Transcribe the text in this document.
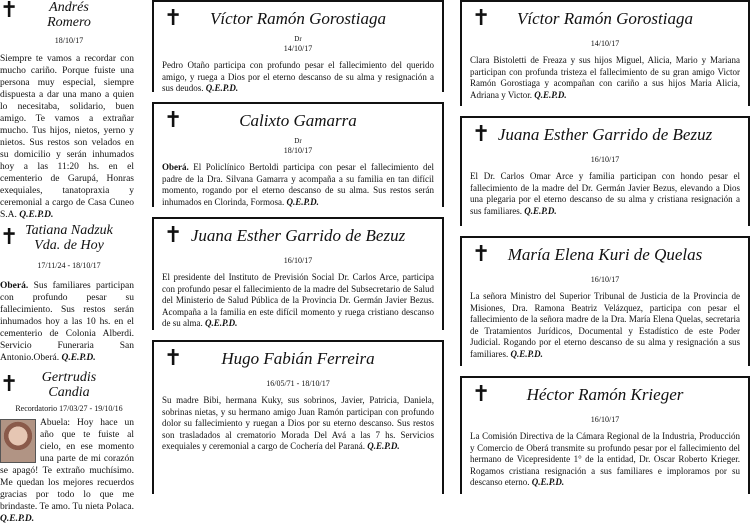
✝	Andrés
Romero
18/10/17
Siempre te vamos a recordar con mucho cariño. Porque fuiste una persona muy especial, siempre dispuesta a dar una mano a quien lo necesitaba, solidario, buen amigo. Te vamos a extrañar mucho. Tus hijos, nietos, yerno y nietos. Sus restos son velados en su domicilio y serán inhumados hoy a las 11:20 hs. en el cementerio de Garupá, Honras exequiales, tanatopraxia y ceremonial a cargo de Casa Cuneo S.A. Q.E.P.D.
✝ Tatiana Nadzuk
Vda. de Hoy
17/11/24 - 18/10/17
Oberá. Sus familiares participan con profundo pesar su fallecimiento. Sus restos serán inhumados hoy a las 10 hs. en el cementerio de Colonia Alberdi. Servicio Funeraria San Antonio.Oberá. Q.E.P.D.
✝	Gertrudis
Candia
Recordatorio 17/03/27 - 19/10/16
Abuela: Hoy hace un año que te fuiste al cielo, en ese momento una parte de mi corazón se apagó! Te extraño muchísimo. Me quedan los mejores recuerdos gracias por todo lo que me brindaste. Te amo. Tu nieta Polaca. Q.E.P.D.
✝	Víctor Ramón Gorostiaga
Dr
14/10/17
Pedro Otaño participa con profundo pesar el fallecimiento del querido amigo, y ruega a Dios por el eterno descanso de su alma y resignación a sus deudos. Q.E.P.D.
✝	Calixto Gamarra
Dr
18/10/17
Oberá. El Policlínico Bertoldi participa con pesar el fallecimiento del padre de la Dra. Silvana Gamarra y acompaña a su familia en tan difícil momento, rogando por el eterno descanso de su alma. Sus restos serán inhumados en Clorinda, Formosa. Q.E.P.D.
✝ Juana Esther Garrido de Bezuz
16/10/17
El presidente del Instituto de Previsión Social Dr. Carlos Arce, participa con profundo pesar el fallecimiento de la madre del Subsecretario de Salud del Ministerio de Salud Pública de la Provincia Dr. Germán Javier Bezus. Acompaña a la familia en este difícil momento y ruega cristiano descanso de su alma. Q.E.P.D.
✝	Hugo Fabián Ferreira
16/05/71 - 18/10/17
Su madre Bibi, hermana Kuky, sus sobrinos, Javier, Patricia, Daniela, sobrinas nietas, y su hermano amigo Juan Ramón participan con profundo dolor su fallecimiento y ruegan a Dios por su eterno descanso. Sus restos son trasladados al crematorio Morada Del Avá a las 7 hs. Servicios exequiales y ceremonial a cargo de Cochería del Paraná. Q.E.P.D.
✝	Víctor Ramón Gorostiaga
14/10/17
Clara Bistoletti de Freaza y sus hijos Miguel, Alicia, Mario y Mariana participan con profunda tristeza el fallecimiento de su gran amigo Victor Ramón Gorostiaga y acompañan con cariño a sus hijos Maria Alicia, Adriana y Victor. Q.E.P.D.
✝ Juana Esther Garrido de Bezuz
16/10/17
El Dr. Carlos Omar Arce y familia participan con hondo pesar el fallecimiento de la madre del Dr. Germán Javier Bezus, elevando a Dios una plegaria por el eterno descanso de su alma y cristiana resignación a sus familiares. Q.E.P.D.
✝	María Elena Kuri de Quelas
16/10/17
La señora Ministro del Superior Tribunal de Justicia de la Provincia de Misiones, Dra. Ramona Beatriz Velázquez, participa con pesar el fallecimiento de la señora madre de la Dra. María Elena Quelas, secretaria de Tratamientos Jurídicos, Documental y Estadístico de este Poder Judicial. Rogando por el eterno descanso de su alma y resignación a sus familiares. Q.E.P.D.
✝	Héctor Ramón Krieger
16/10/17
La Comisión Directiva de la Cámara Regional de la Industria, Producción y Comercio de Oberá transmite su profundo pesar por el fallecimiento del hermano de Vicepresidente 1° de la entidad, Dr. Oscar Roberto Krieger. Rogamos cristiana resignación a sus familiares e imploramos por su descanso eterno. Q.E.P.D.
